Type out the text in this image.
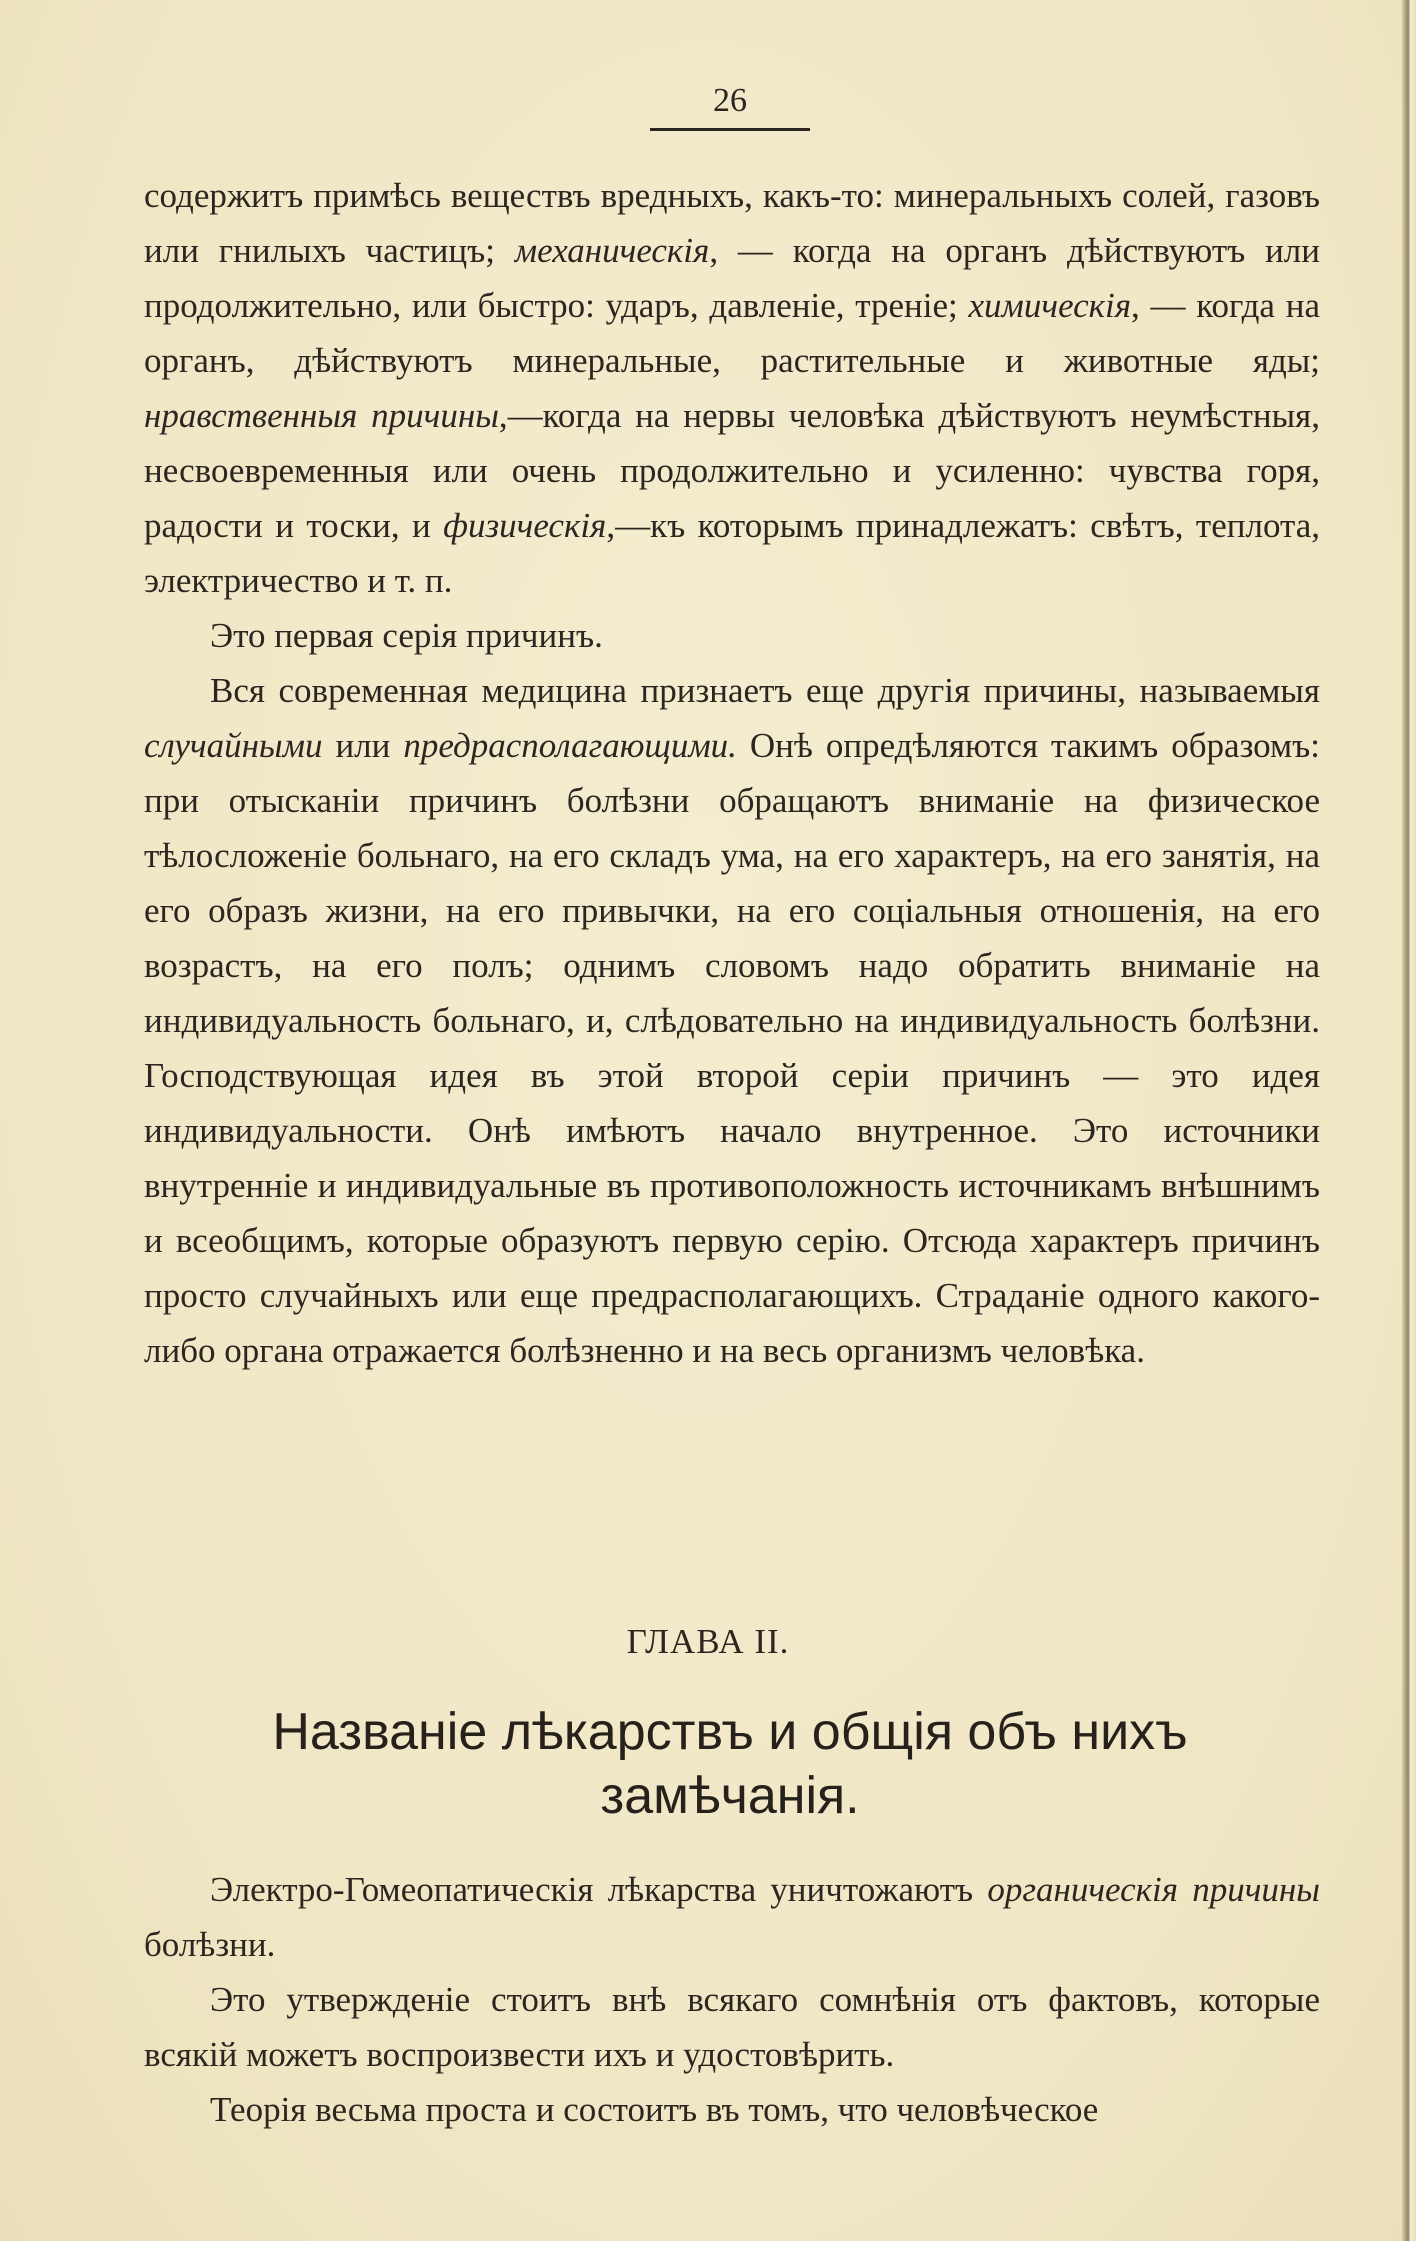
26

содержитъ примѣсь веществъ вредныхъ, какъ-то: минеральныхъ солей, газовъ или гнилыхъ частицъ; механическія, — когда на органъ дѣйствуютъ или продолжительно, или быстро: ударъ, давленіе, треніе; химическія, — когда на органъ, дѣйствуютъ минеральные, растительные и животные яды; нравственныя причины,—когда на нервы человѣка дѣйствуютъ неумѣстныя, несвоевременныя или очень продолжительно и усиленно: чувства горя, радости и тоски, и физическія,—къ которымъ принадлежатъ: свѣтъ, теплота, электричество и т. п.

Это первая серія причинъ.

Вся современная медицина признаетъ еще другія причины, называемыя случайными или предрасполагающими. Онѣ опредѣляются такимъ образомъ: при отысканіи причинъ болѣзни обращаютъ вниманіе на физическое тѣлосложеніе больнаго, на его складъ ума, на его характеръ, на его занятія, на его образъ жизни, на его привычки, на его соціальныя отношенія, на его возрастъ, на его полъ; однимъ словомъ надо обратить вниманіе на индивидуальность больнаго, и, слѣдовательно на индивидуальность болѣзни. Господствующая идея въ этой второй серіи причинъ — это идея индивидуальности. Онѣ имѣютъ начало внутренное. Это источники внутренніе и индивидуальные въ противоположность источникамъ внѣшнимъ и всеобщимъ, которые образуютъ первую серію. Отсюда характеръ причинъ просто случайныхъ или еще предрасполагающихъ. Страданіе одного какого-либо органа отражается болѣзненно и на весь организмъ человѣка.

ГЛАВА II.
Названіе лѣкарствъ и общія объ нихъ замѣчанія.

Электро-Гомеопатическія лѣкарства уничтожаютъ органическія причины болѣзни.

Это утвержденіе стоитъ внѣ всякаго сомнѣнія отъ фактовъ, которые всякій можетъ воспроизвести ихъ и удостовѣрить.

Теорія весьма проста и состоитъ въ томъ, что человѣческое
